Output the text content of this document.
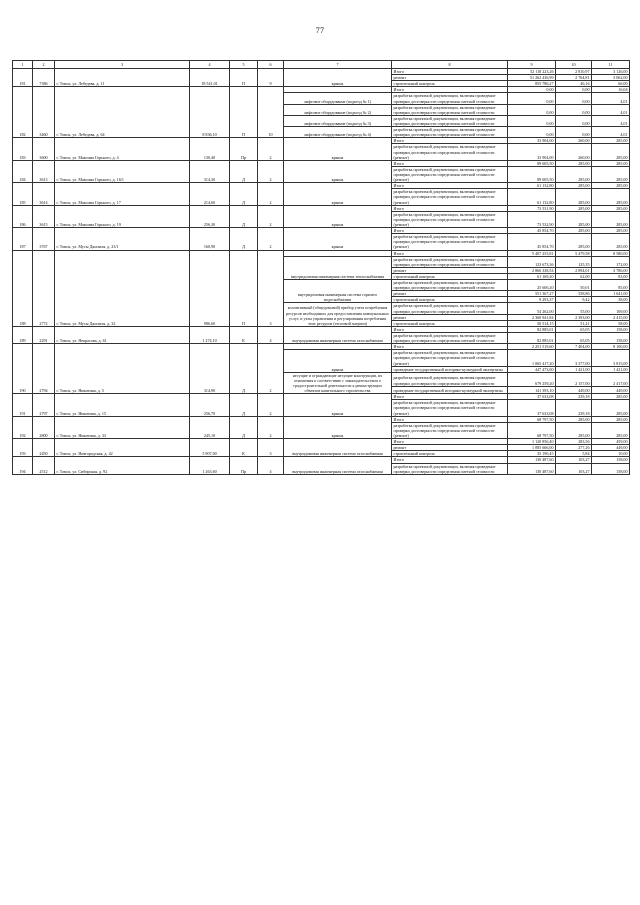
77
1	2	3	4	5	6	7	8	9	10	11
181	7386	г. Томск, ул. Лебедева, д. 11	18 541,01	П	9	крыша	Итого	52 118 223,26	2 810,97	3 126,00
							ремонт	51 262 436,99	2 764,81	3 062,00
							строительный контроль	855 786,27	46,16	66,00
182	3460	г. Томск, ул. Лебедева, д. 64	8 836,10	П	10		Итого	0,00	0,00	16,04
						лифтовое оборудование (подъезд № 1)	разработка проектной документации, включая проведение проверки достоверности определения сметной стоимости	0,00	0,00	4,01
						лифтовое оборудование (подъезд № 2)	разработка проектной документации, включая проведение проверки достоверности определения сметной стоимости	0,00	0,00	4,01
						лифтовое оборудование (подъезд № 3)	разработка проектной документации, включая проведение проверки достоверности определения сметной стоимости	0,00	0,00	4,01
						лифтовое оборудование (подъезд № 4)	разработка проектной документации, включая проведение проверки достоверности определения сметной стоимости	0,00	0,00	4,01
183	3600	г. Томск, ул. Максима Горького, д. 4	130,40	Пр	2	крыша	Итого	33 904,00	260,00	285,00
							разработка проектной документации, включая проведение проверки достоверности определения сметной стоимости (ремонт)	33 904,00	260,00	285,00
184	3613	г. Томск, ул. Максима Горького, д. 16/1	314,30	Д	2	крыша	Итого	89 605,50	285,00	285,00
							разработка проектной документации, включая проведение проверки достоверности определения сметной стоимости (ремонт)	89 605,50	285,00	285,00
185	3614	г. Томск, ул. Максима Горького, д. 17	214,60	Д	2	крыша	Итого	61 132,80	285,00	285,00
							разработка проектной документации, включая проведение проверки достоверности определения сметной стоимости (ремонт)	61 132,80	285,00	285,00
186	3615	г. Томск, ул. Максима Горького, д. 19	256,30	Д	2	крыша	Итого	73 531,90	285,00	285,00
							разработка проектной документации, включая проведение проверки достоверности определения сметной стоимости (ремонт)	73 532,90	285,00	285,00
187	3767	г. Томск, ул. Мусы Джалиля, д. 23/1	160,90	Д	2	крыша	Итого	45 854,70	285,00	285,00
							разработка проектной документации, включая проведение проверки достоверности определения сметной стоимости (ремонт)	45 854,70	285,00	285,00
188	2772	г. Томск, ул. Мусы Джалиля, д. 32	986,60	П	3		Итого	5 407 255,81	5 479,58	8 580,00
						внутридомовая инженерная система теплоснабжения	разработка проектной документации, включая проведение проверки достоверности определения сметной стоимости	123 673,36	125,35	172,00
							ремонт	2 866 338,54	2 894,01	3 786,00
							строительный контроль	61 169,20	62,00	83,00
						внутридомовая инженерная система горячего водоснабжения	разработка проектной документации, включая проведение проверки достоверности определения сметной стоимости	25 606,20	50,01	85,00
							ремонт	551 367,27	558,86	1 641,00
							строительный контроль	9 293,37	9,42	38,00
						коллективный (общедомовой) прибор учета потребления ресурсов необходимых для предоставления коммунальных услуг, и узлы управления и регулирования потребления этих ресурсов (тепловой энергии)	разработка проектной документации, включая проведение проверки достоверности определения сметной стоимости	54 262,00	55,00	109,00
							ремонт	2 360 941,84	2 393,00	2 415,00
							строительный контроль	50 514,15	51,21	58,00
189	2291	г. Томск, ул. Некрасова, д. 61	1 274,10	К	4	внутридомовая инженерная система газоснабжения	Итого	82 885,01	65,05	158,00
							разработка проектной документации, включая проведение проверки достоверности определения сметной стоимости	82 885,01	65,05	158,00
190	2794	г. Томск, ул. Никитина, д. 5	314,90	Д	2		Итого	2 251 519,60	7 404,00	8 100,00
						крыша	разработка проектной документации, включая проведение проверки достоверности определения сметной стоимости (ремонт)	1 065 417,20	3 377,00	3 815,00
							проведение государственной историко-культурной экспертизы	447 473,00	1 421,00	1 421,00
						несущие и ограждающие несущие конструкции, их отношения к соответствию с законодательством о градостроительной деятельности к реконструкции объектов капитального строительства	разработка проектной документации, включая проведение проверки достоверности определения сметной стоимости	679 259,20	2 157,00	2 417,00
							проведение государственной историко-культурной экспертизы	141 393,10	449,00	449,00
191	2797	г. Томск, ул. Никитина, д. 15	256,70	Д	2	крыша	Итого	37 633,08	239,18	285,00
							разработка проектной документации, включая проведение проверки достоверности определения сметной стоимости (ремонт)	37 633,08	239,18	285,00
192	2800	г. Томск, ул. Никитина, д. 33	245,10	Д	2	крыша	Итого	68 797,50	285,00	285,00
							разработка проектной документации, включая проведение проверки достоверности определения сметной стоимости (ремонт)	68 797,50	285,00	285,00
193	2450	г. Томск, ул. Новгородская, д. 42	5 907,00	К	3	внутридомовая инженерная система газоснабжения	Итого	1 120 856,40	283,56	459,00
							ремонт	1 085 666,00	277,26	449,00
							строительный контроль	35 190,45	5,84	10,00
194	2512	г. Томск, ул. Сибирская, д. 92	1 263,60	Пр	4	внутридомовая инженерная система газоснабжения	Итого	130 487,60	103,27	158,00
							разработка проектной документации, включая проведение проверки достоверности определения сметной стоимости	130 487,60	103,27	158,00
